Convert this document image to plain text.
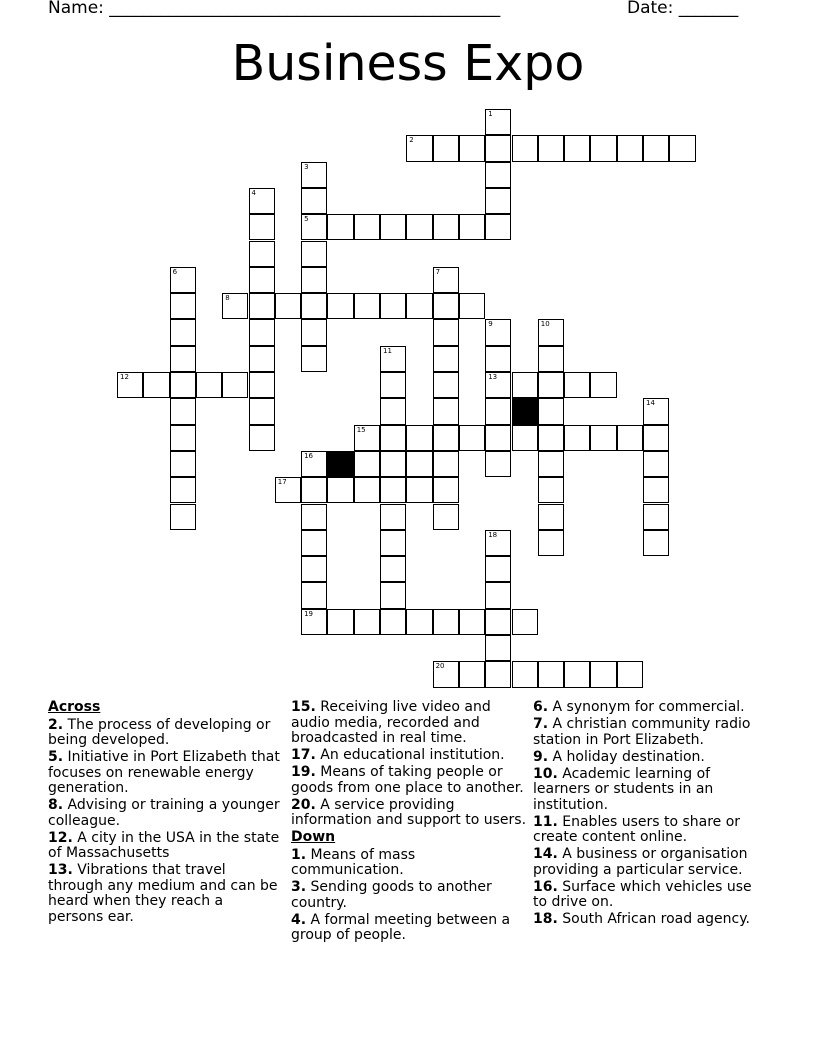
Name: ______________________________________________	Date: _______
Business Expo
2
5
8
12	13
15
16
17
19
20
1
3
4
6	7
9	10
11
14
18
Across
2. The process of developing or being developed.
5. Initiative in Port Elizabeth that focuses on renewable energy generation.
8. Advising or training a younger colleague.
12. A city in the USA in the state of Massachusetts
13. Vibrations that travel through any medium and can be heard when they reach a persons ear.
15. Receiving live video and audio media, recorded and broadcasted in real time.
17. An educational institution.
19. Means of taking people or goods from one place to another.
20. A service providing information and support to users.
Down
1. Means of mass communication.
3. Sending goods to another country.
4. A formal meeting between a group of people.
6. A synonym for commercial.
7. A christian community radio station in Port Elizabeth.
9. A holiday destination.
10. Academic learning of learners or students in an institution.
11. Enables users to share or create content online.
14. A business or organisation providing a particular service.
16. Surface which vehicles use to drive on.
18. South African road agency.
